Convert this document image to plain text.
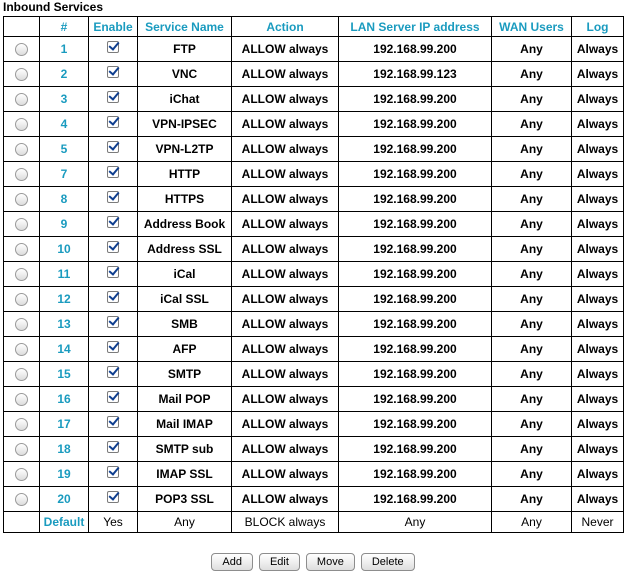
Inbound Services
	#	Enable	Service Name	Action	LAN Server IP address	WAN Users	Log
	1		FTP	ALLOW always	192.168.99.200	Any	Always
	2		VNC	ALLOW always	192.168.99.123	Any	Always
	3		iChat	ALLOW always	192.168.99.200	Any	Always
	4		VPN-IPSEC	ALLOW always	192.168.99.200	Any	Always
	5		VPN-L2TP	ALLOW always	192.168.99.200	Any	Always
	7		HTTP	ALLOW always	192.168.99.200	Any	Always
	8		HTTPS	ALLOW always	192.168.99.200	Any	Always
	9		Address Book	ALLOW always	192.168.99.200	Any	Always
	10		Address SSL	ALLOW always	192.168.99.200	Any	Always
	11		iCal	ALLOW always	192.168.99.200	Any	Always
	12		iCal SSL	ALLOW always	192.168.99.200	Any	Always
	13		SMB	ALLOW always	192.168.99.200	Any	Always
	14		AFP	ALLOW always	192.168.99.200	Any	Always
	15		SMTP	ALLOW always	192.168.99.200	Any	Always
	16		Mail POP	ALLOW always	192.168.99.200	Any	Always
	17		Mail IMAP	ALLOW always	192.168.99.200	Any	Always
	18		SMTP sub	ALLOW always	192.168.99.200	Any	Always
	19		IMAP SSL	ALLOW always	192.168.99.200	Any	Always
	20		POP3 SSL	ALLOW always	192.168.99.200	Any	Always
	Default	Yes	Any	BLOCK always	Any	Any	Never
Add	Edit	Move	Delete
